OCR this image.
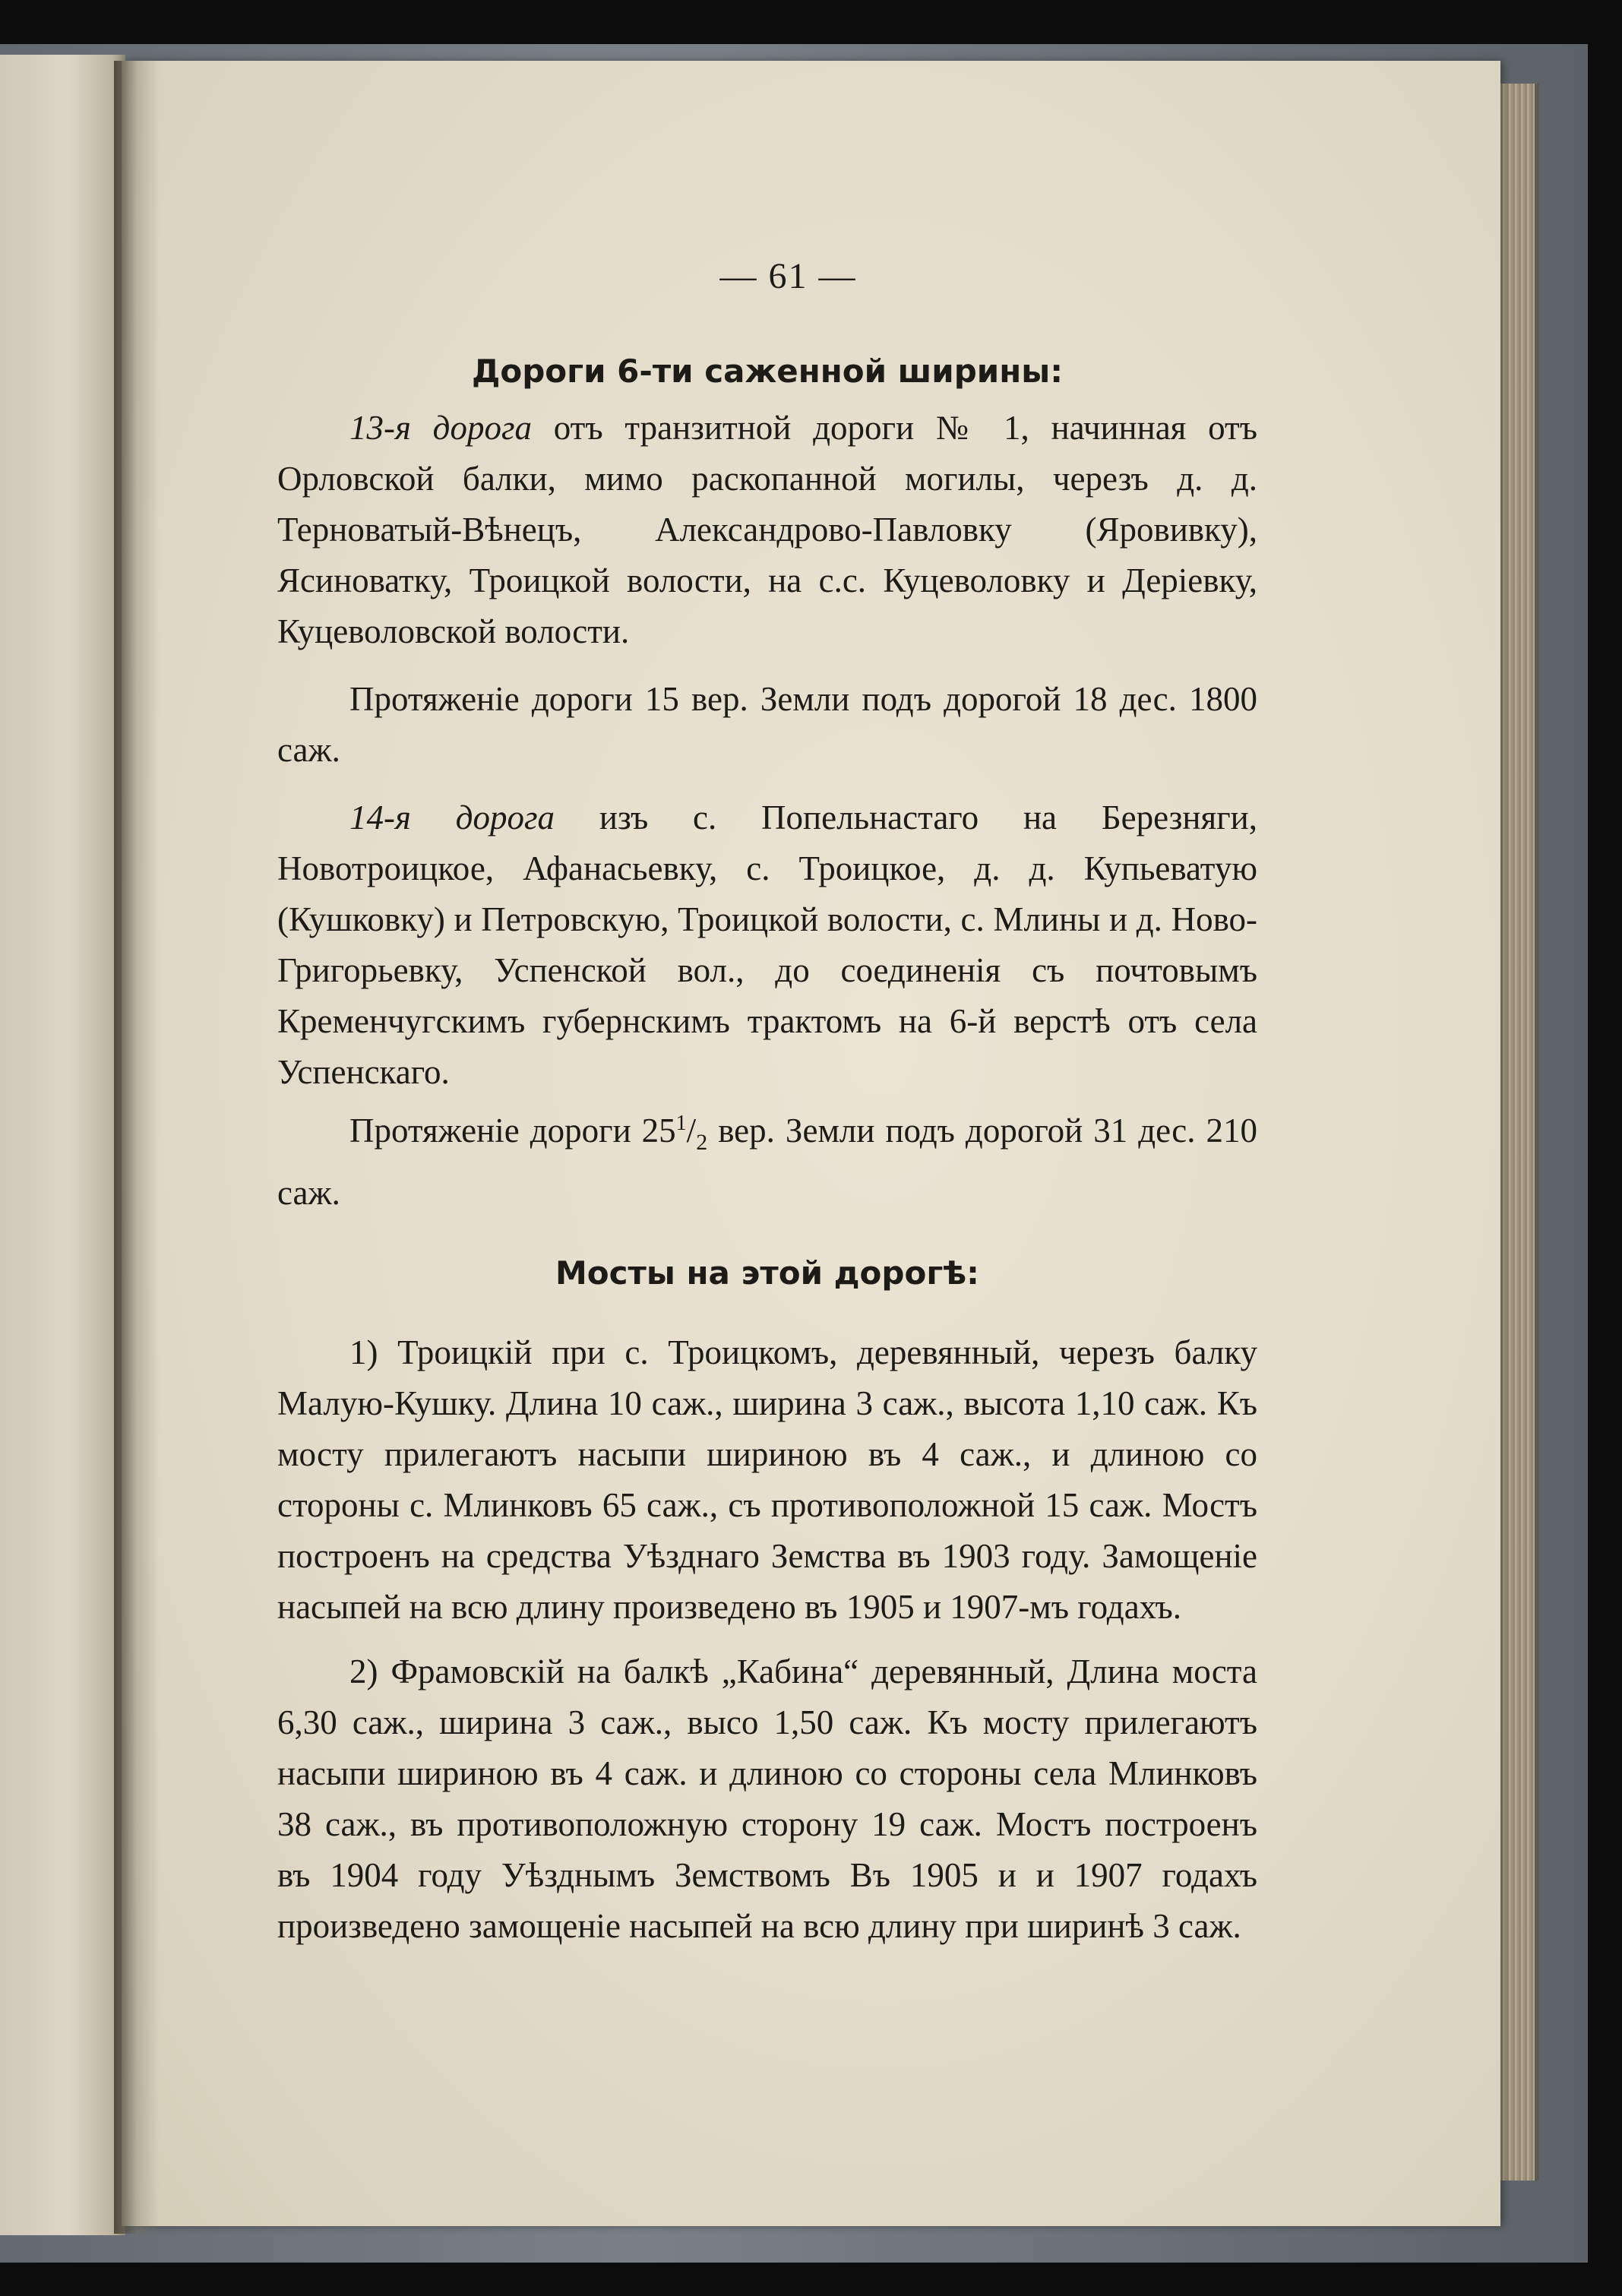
— 61 —
Дороги 6-ти саженной ширины:

13-я дорога отъ транзитной дороги № 1, начинная отъ Орловской балки, мимо раскопанной могилы, черезъ д. д. Терноватый-Вѣнецъ, Александрово-Павловку (Яровивку), Ясиноватку, Троицкой волости, на с.с. Куцеволовку и Деріевку, Куцеволовской волости.

Протяженіе дороги 15 вер. Земли подъ дорогой 18 дес. 1800 саж.

14-я дорога изъ с. Попельнастаго на Березняги, Новотроицкое, Афанасьевку, с. Троицкое, д. д. Купьеватую (Кушковку) и Петровскую, Троицкой волости, с. Млины и д. Ново-Григорьевку, Успенской вол., до соединенія съ почтовымъ Кременчугскимъ губернскимъ трактомъ на 6-й верстѣ отъ села Успенскаго.

Протяженіе дороги $25^1/_2$ вер. Земли подъ дорогой 31 дес. 210 саж.

Мосты на этой дорогѣ:

1) Троицкій при с. Троицкомъ, деревянный, черезъ балку Малую-Кушку. Длина 10 саж., ширина 3 саж., высота 1,10 саж. Къ мосту прилегаютъ насыпи шириною въ 4 саж., и длиною со стороны с. Млинковъ 65 саж., съ противоположной 15 саж. Мостъ построенъ на средства Уѣзднаго Земства въ 1903 году. Замощеніе насыпей на всю длину произведено въ 1905 и 1907-мъ годахъ.

2) Фрамовскій на балкѣ „Кабина“ деревянный, Длина моста 6,30 саж., ширина 3 саж., высо 1,50 саж. Къ мосту прилегаютъ насыпи шириною въ 4 саж. и длиною со стороны села Млинковъ 38 саж., въ противоположную сторону 19 саж. Мостъ построенъ въ 1904 году Уѣзднымъ Земствомъ Въ 1905 и и 1907 годахъ произведено замощеніе насыпей на всю длину при ширинѣ 3 саж.
